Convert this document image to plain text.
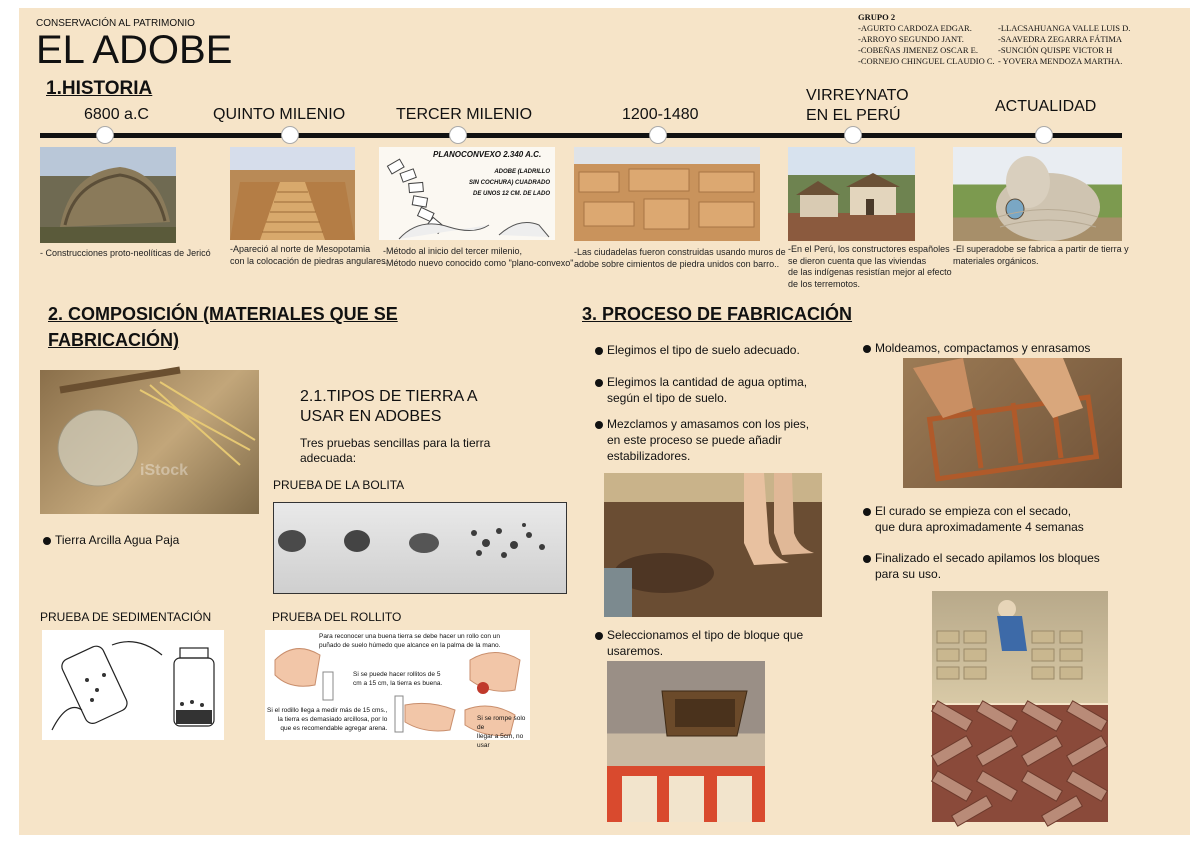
CONSERVACIÓN AL PATRIMONIO
EL ADOBE
1.HISTORIA
GRUPO 2
-AGURTO CARDOZA EDGAR.
-ARROYO SEGUNDO JANT.
-COBEÑAS JIMENEZ OSCAR E.
-CORNEJO CHINGUEL CLAUDIO C.
-LLACSAHUANGA VALLE LUIS D.
-SAAVEDRA ZEGARRA FÁTIMA
-SUNCIÓN QUISPE VICTOR H
- YOVERA MENDOZA MARTHA.
6800 a.C	QUINTO MILENIO	TERCER MILENIO	1200-1480
VIRREYNATO
EN EL PERÚ
ACTUALIDAD
PLANOCONVEXO 2.340 A.C.
ADOBE (LADRILLO
SIN COCHURA) CUADRADO
DE UNOS 12 CM. DE LADO
- Construcciones proto-neolíticas de Jericó -Apareció al norte de Mesopotamia
con la colocación de piedras angulares.
-Método al inicio del tercer milenio,
-Método nuevo conocido como "plano-convexo".
-Las ciudadelas fueron construidas usando muros de
adobe sobre cimientos de piedra unidos con barro..
-En el Perú, los constructores españoles
se dieron cuenta que las viviendas
de las indígenas resistían mejor al efecto
de los terremotos.
-El superadobe se fabrica a partir de tierra y
materiales orgánicos.
2. COMPOSICIÓN (MATERIALES QUE SE
FABRICACIÓN)
iStock
Tierra Arcilla Agua Paja
2.1.TIPOS DE TIERRA A
USAR EN ADOBES
Tres pruebas sencillas para la tierra
adecuada:
PRUEBA DE LA BOLITA
PRUEBA DE SEDIMENTACIÓN	PRUEBA DEL ROLLITO
Para reconocer una buena tierra se debe hacer un rollo con un
puñado de suelo húmedo que alcance en la palma de la mano.
Si se puede hacer rollitos de 5
cm a 15 cm, la tierra es buena.
Si el rodillo llega a medir más de 15 cms.,
la tierra es demasiado arcillosa, por lo
que es recomendable agregar arena.
Si se rompe solo de
llegar a 5cm, no usar
3. PROCESO DE FABRICACIÓN
Elegimos el tipo de suelo adecuado.
Elegimos la cantidad de agua optima,
según el tipo de suelo.
Mezclamos y amasamos con los pies,
en este proceso se puede añadir
estabilizadores.
Seleccionamos el tipo de bloque que
usaremos.
Moldeamos, compactamos y enrasamos
El curado se empieza con el secado,
que dura aproximadamente 4 semanas
Finalizado el secado apilamos los bloques
para su uso.
